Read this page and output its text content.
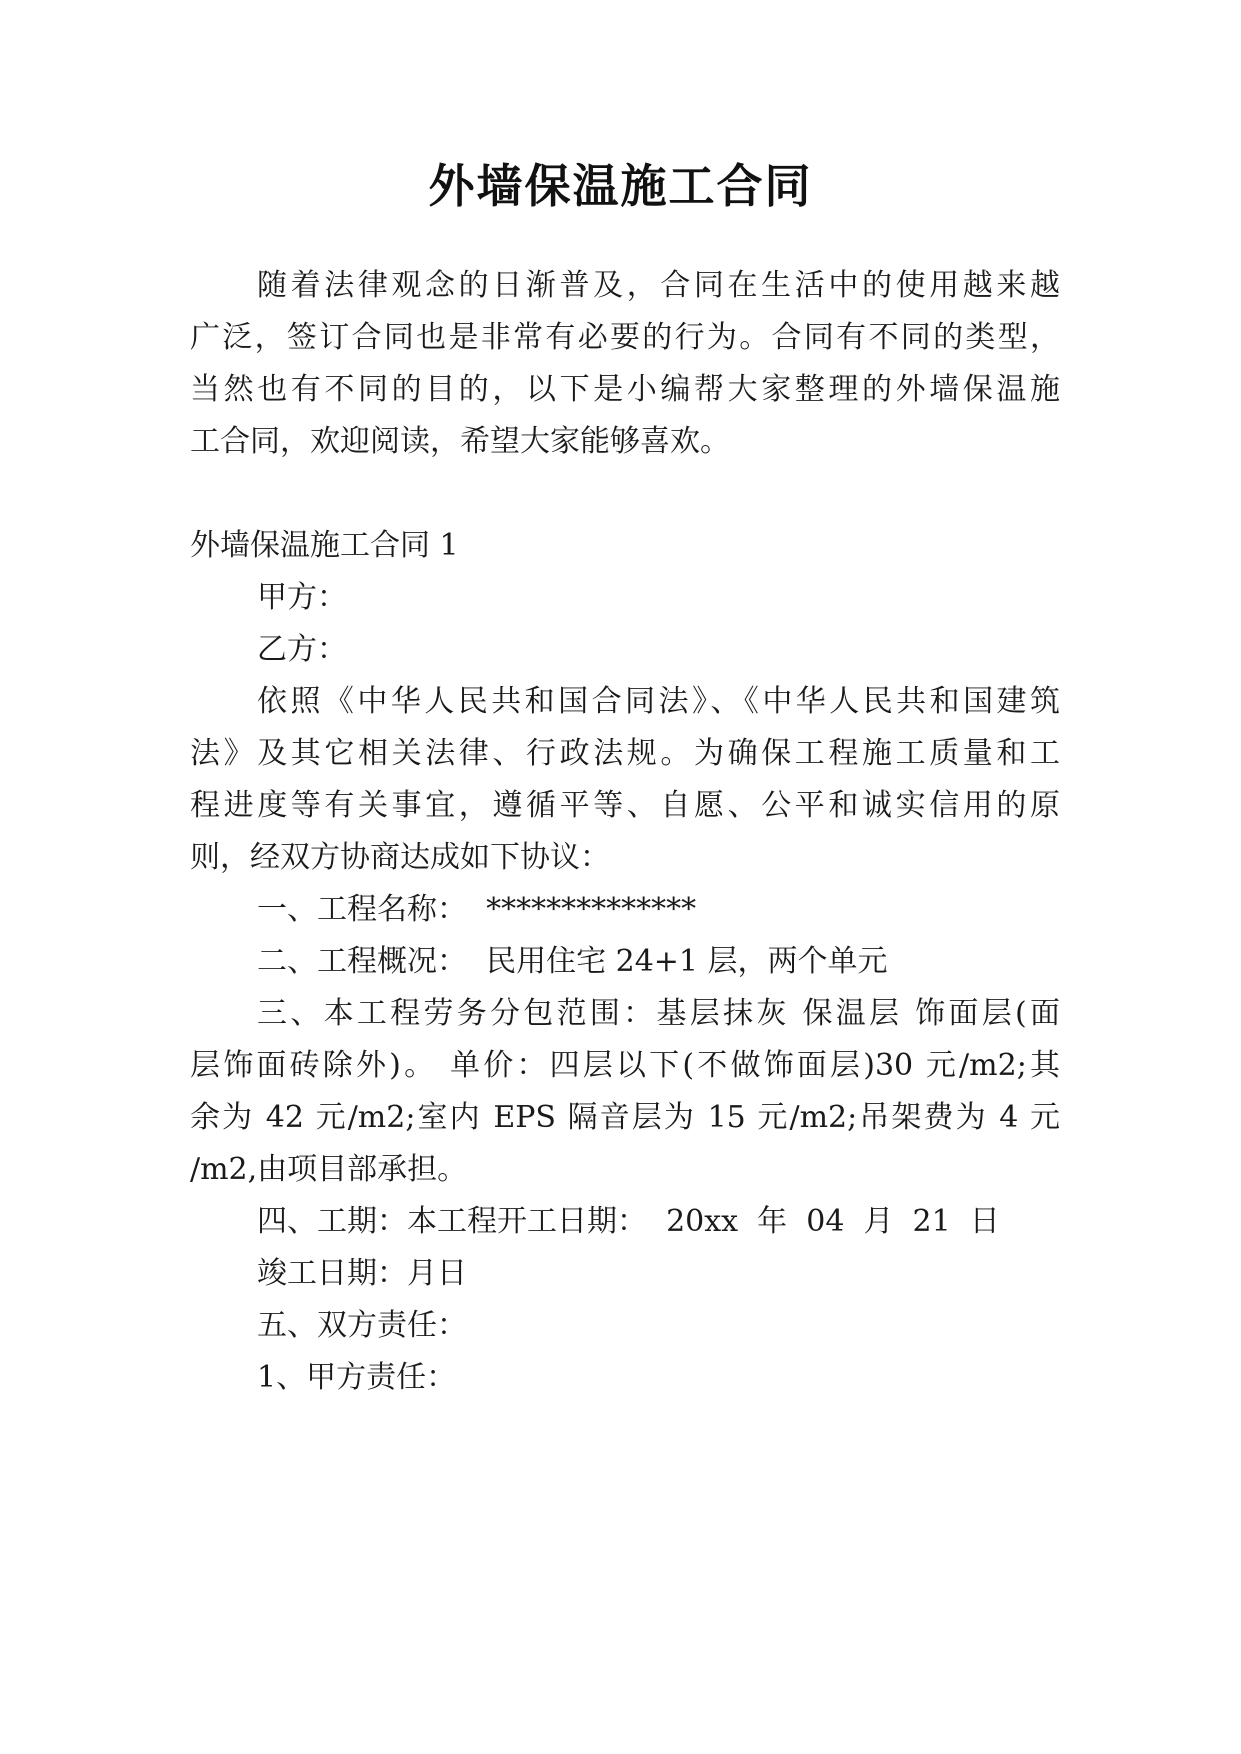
外墙保温施工合同
随着法律观念的日渐普及，合同在生活中的使用越来越
广泛，签订合同也是非常有必要的行为。合同有不同的类型，
当然也有不同的目的，以下是小编帮大家整理的外墙保温施
工合同，欢迎阅读，希望大家能够喜欢。
外墙保温施工合同 1
甲方：
乙方：
依照《中华人民共和国合同法》、《中华人民共和国建筑
法》及其它相关法律、行政法规。为确保工程施工质量和工
程进度等有关事宜，遵循平等、自愿、公平和诚实信用的原
则，经双方协商达成如下协议：
一、工程名称：  **************
二、工程概况：  民用住宅 24+1 层，两个单元
三、本工程劳务分包范围：基层抹灰 保温层 饰面层(面
层饰面砖除外)。 单价：四层以下(不做饰面层)30 元/m2;其
余为 42 元/m2;室内 EPS 隔音层为 15 元/m2;吊架费为 4 元
/m2,由项目部承担。
四、工期：本工程开工日期：  20xx  年  04  月  21  日
竣工日期：月日
五、双方责任：
1、甲方责任：
